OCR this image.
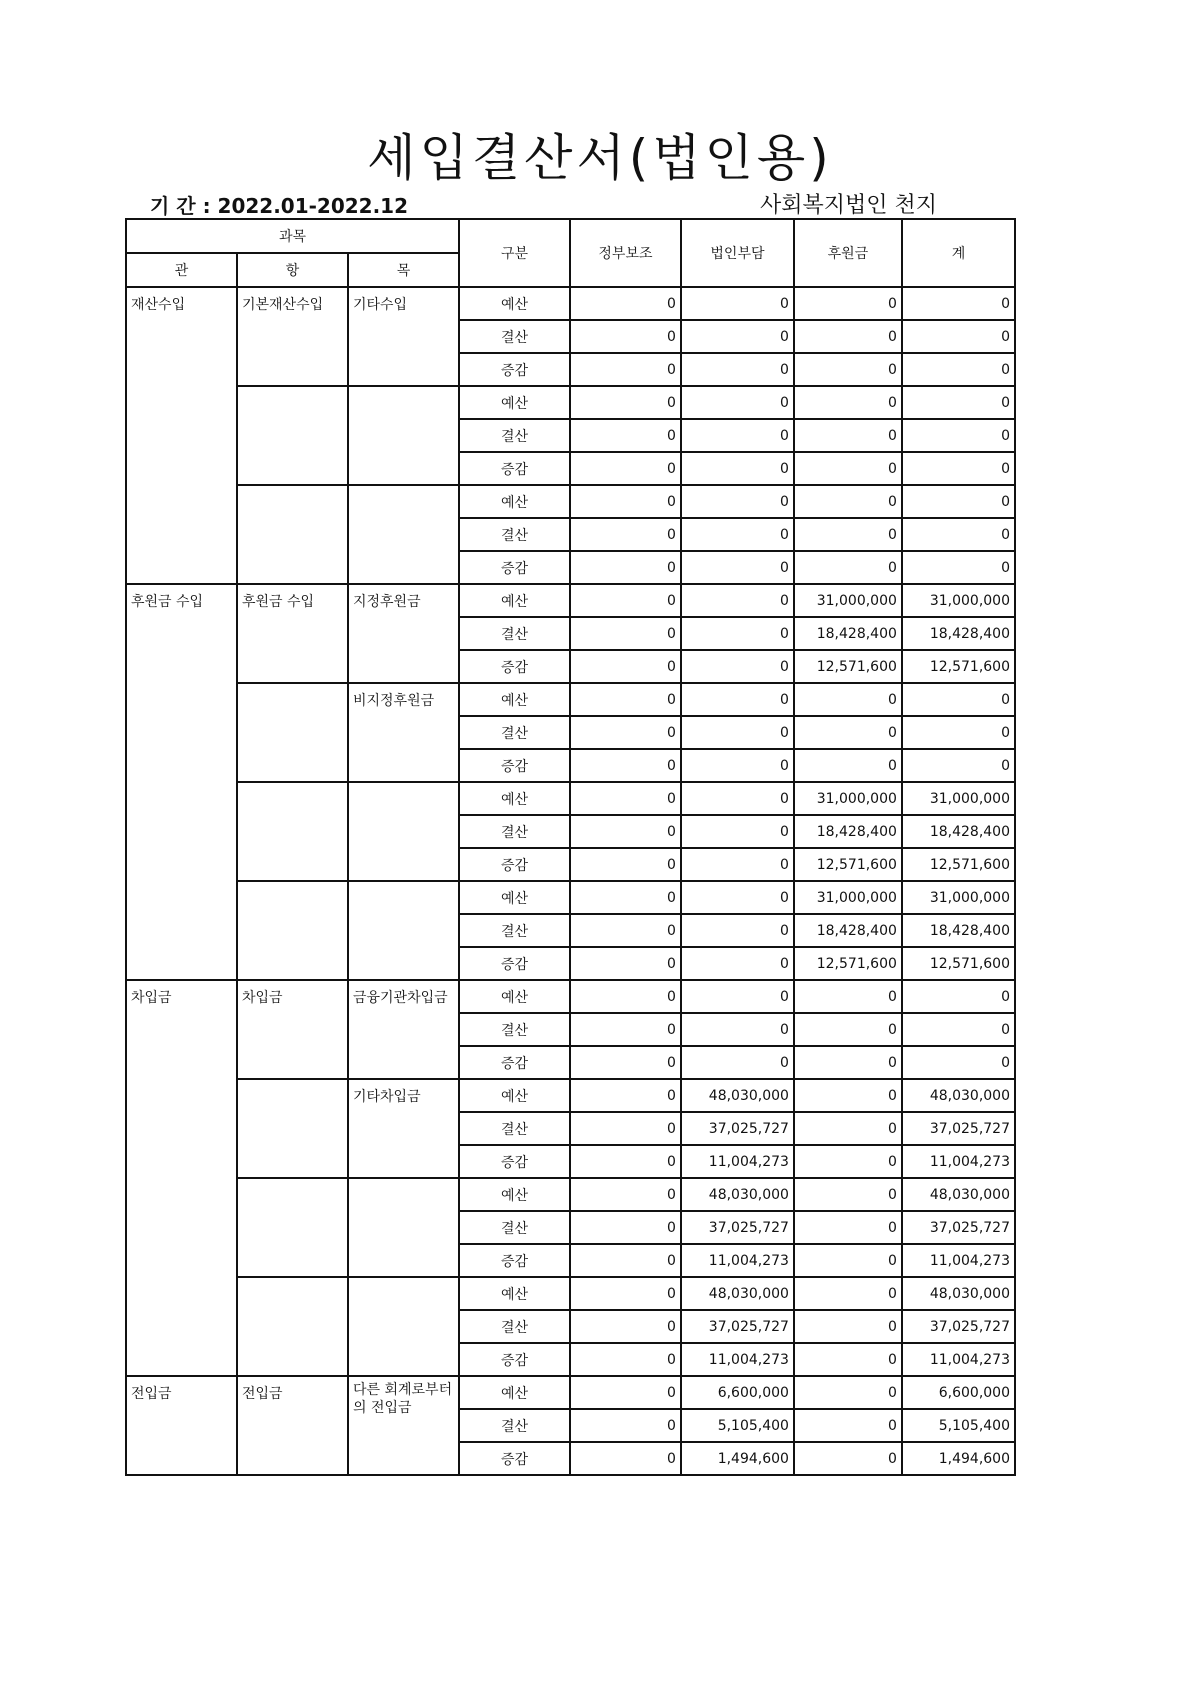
세입결산서(법인용)
기 간 : 2022.01-2022.12	사회복지법인 천지
과목			구분	정부보조	법인부담	후원금	계
관	항	목					
재산수입	기본재산수입	기타수입	예산	0	0	0	0
			결산	0	0	0	0
			증감	0	0	0	0
			예산	0	0	0	0
			결산	0	0	0	0
			증감	0	0	0	0
			예산	0	0	0	0
			결산	0	0	0	0
			증감	0	0	0	0
후원금 수입	후원금 수입	지정후원금	예산	0	0	31,000,000	31,000,000
			결산	0	0	18,428,400	18,428,400
			증감	0	0	12,571,600	12,571,600
		비지정후원금	예산	0	0	0	0
			결산	0	0	0	0
			증감	0	0	0	0
			예산	0	0	31,000,000	31,000,000
			결산	0	0	18,428,400	18,428,400
			증감	0	0	12,571,600	12,571,600
			예산	0	0	31,000,000	31,000,000
			결산	0	0	18,428,400	18,428,400
			증감	0	0	12,571,600	12,571,600
차입금	차입금	금융기관차입금	예산	0	0	0	0
			결산	0	0	0	0
			증감	0	0	0	0
		기타차입금	예산	0	48,030,000	0	48,030,000
			결산	0	37,025,727	0	37,025,727
			증감	0	11,004,273	0	11,004,273
			예산	0	48,030,000	0	48,030,000
			결산	0	37,025,727	0	37,025,727
			증감	0	11,004,273	0	11,004,273
			예산	0	48,030,000	0	48,030,000
			결산	0	37,025,727	0	37,025,727
			증감	0	11,004,273	0	11,004,273
전입금	전입금	다른 회계로부터의 전입금	예산	0	6,600,000	0	6,600,000
			결산	0	5,105,400	0	5,105,400
			증감	0	1,494,600	0	1,494,600
